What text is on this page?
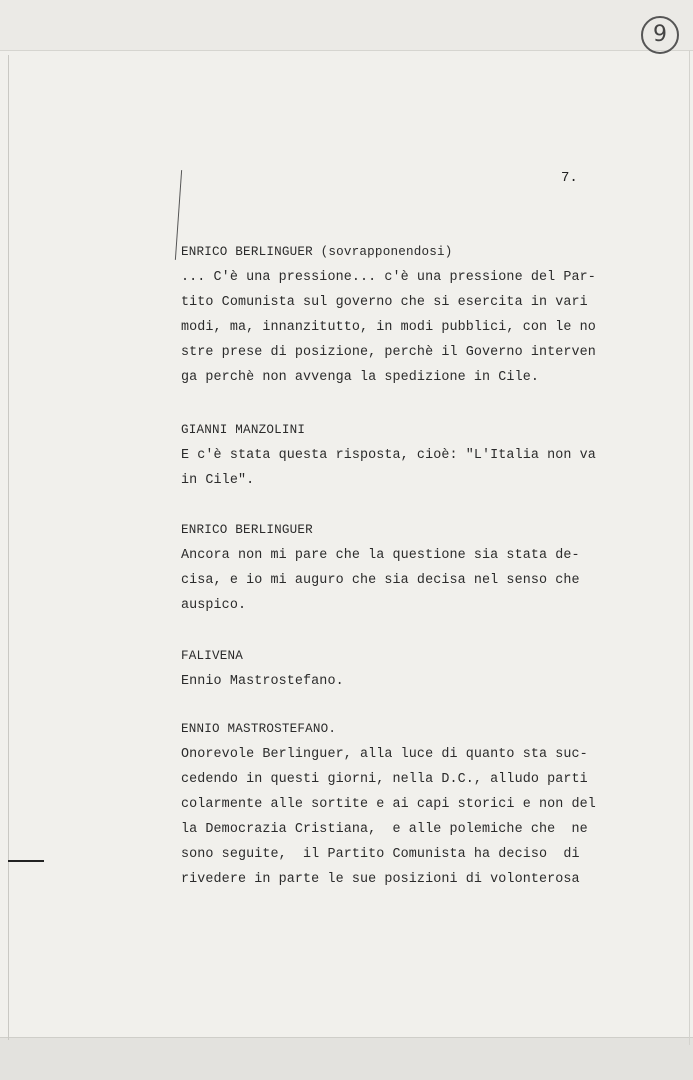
9
7.
ENRICO BERLINGUER (sovrapponendosi)
... C'è una pressione... c'è una pressione del Par-
tito Comunista sul governo che si esercita in vari
modi, ma, innanzitutto, in modi pubblici, con le no
stre prese di posizione, perchè il Governo interven
ga perchè non avvenga la spedizione in Cile.
GIANNI MANZOLINI
E c'è stata questa risposta, cioè: "L'Italia non va
in Cile".
ENRICO BERLINGUER
Ancora non mi pare che la questione sia stata de-
cisa, e io mi auguro che sia decisa nel senso che
auspico.
FALIVENA
Ennio Mastrostefano.
ENNIO MASTROSTEFANO.
Onorevole Berlinguer, alla luce di quanto sta suc-
cedendo in questi giorni, nella D.C., alludo parti
colarmente alle sortite e ai capi storici e non del
la Democrazia Cristiana,  e alle polemiche che  ne
sono seguite,  il Partito Comunista ha deciso  di
rivedere in parte le sue posizioni di volonterosa
